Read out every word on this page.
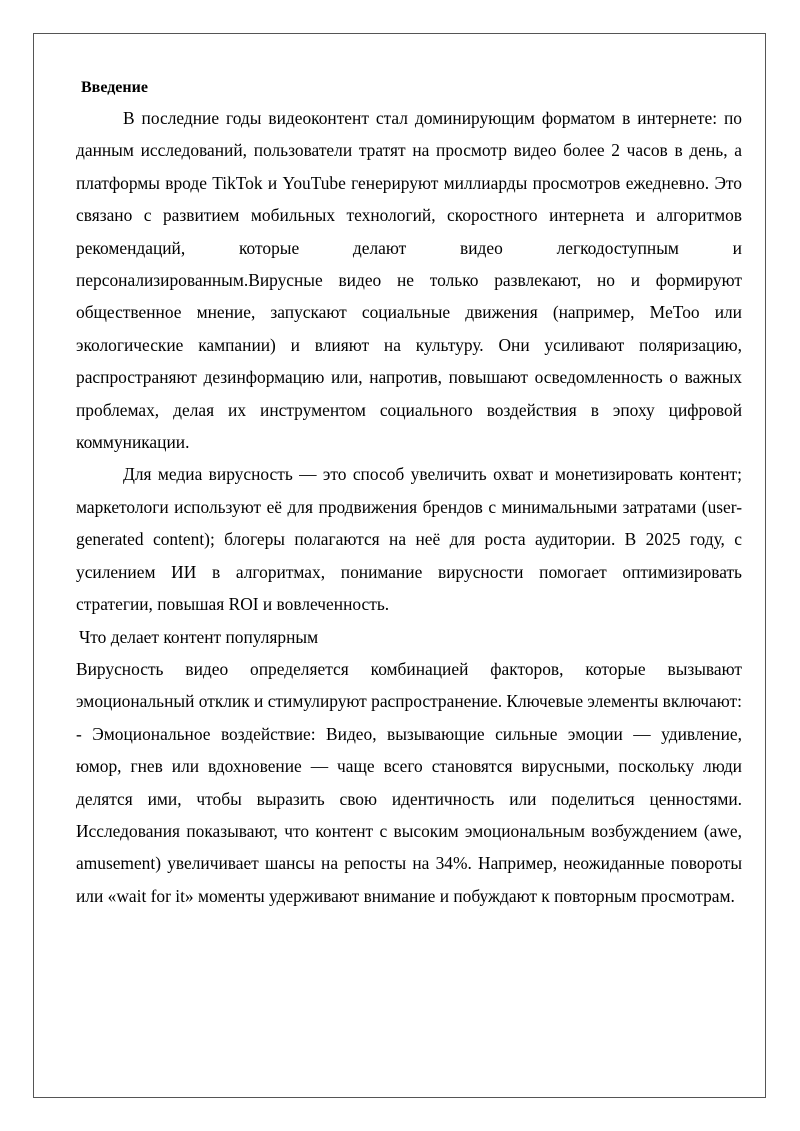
Введение

В последние годы видеоконтент стал доминирующим форматом в интернете: по данным исследований, пользователи тратят на просмотр видео более 2 часов в день, а платформы вроде TikTok и YouTube генерируют миллиарды просмотров ежедневно. Это связано с развитием мобильных технологий, скоростного интернета и алгоритмов рекомендаций, которые делают видео легкодоступным и персонализированным.Вирусные видео не только развлекают, но и формируют общественное мнение, запускают социальные движения (например, MeToo или экологические кампании) и влияют на культуру. Они усиливают поляризацию, распространяют дезинформацию или, напротив, повышают осведомленность о важных проблемах, делая их инструментом социального воздействия в эпоху цифровой коммуникации.

Для медиа вирусность — это способ увеличить охват и монетизировать контент; маркетологи используют её для продвижения брендов с минимальными затратами (user-generated content); блогеры полагаются на неё для роста аудитории. В 2025 году, с усилением ИИ в алгоритмах, понимание вирусности помогает оптимизировать стратегии, повышая ROI и вовлеченность.

Что делает контент популярным

Вирусность видео определяется комбинацией факторов, которые вызывают эмоциональный отклик и стимулируют распространение. Ключевые элементы включают:

- Эмоциональное воздействие: Видео, вызывающие сильные эмоции — удивление, юмор, гнев или вдохновение — чаще всего становятся вирусными, поскольку люди делятся ими, чтобы выразить свою идентичность или поделиться ценностями. Исследования показывают, что контент с высоким эмоциональным возбуждением (awe, amusement) увеличивает шансы на репосты на 34%. Например, неожиданные повороты или «wait for it» моменты удерживают внимание и побуждают к повторным просмотрам.
